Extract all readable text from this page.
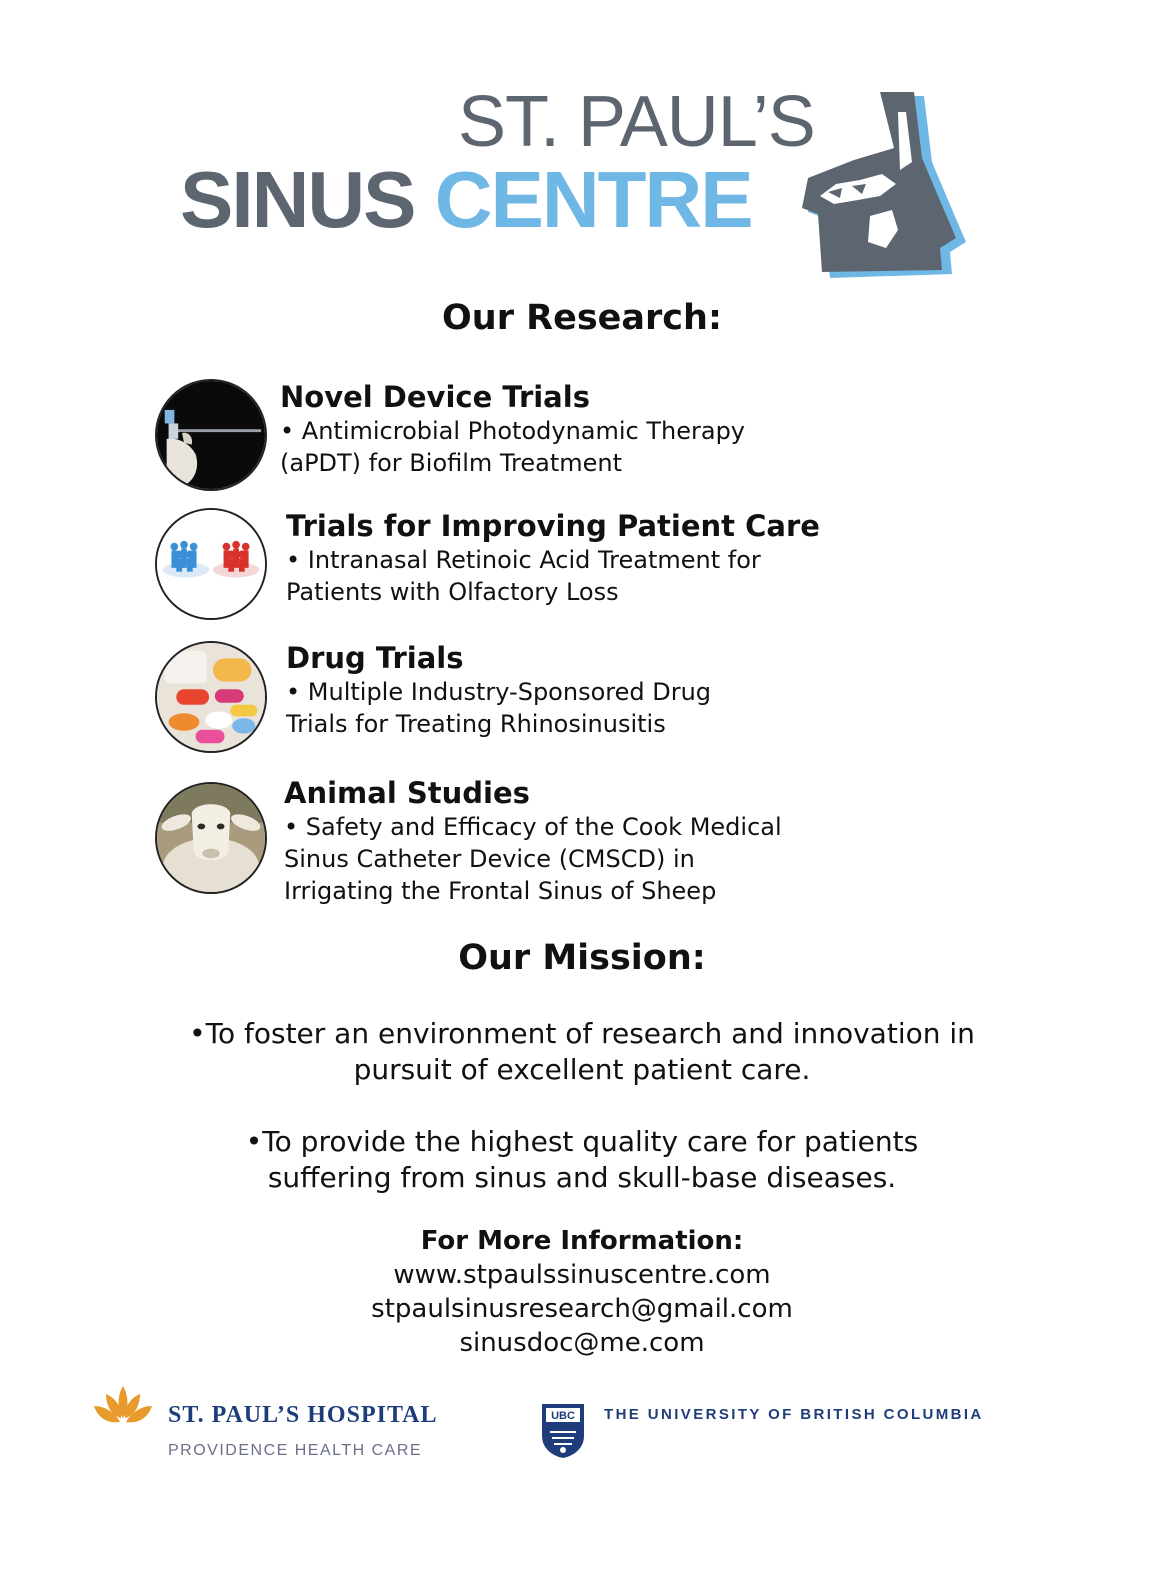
ST. PAUL’S
SINUS CENTRE
Our Research:
Novel Device Trials
• Antimicrobial Photodynamic Therapy
(aPDT) for Biofilm Treatment
Trials for Improving Patient Care
• Intranasal Retinoic Acid Treatment for
Patients with Olfactory Loss
Drug Trials
• Multiple Industry-Sponsored Drug
Trials for Treating Rhinosinusitis
Animal Studies
• Safety and Efficacy of the Cook Medical
Sinus Catheter Device (CMSCD) in
Irrigating the Frontal Sinus of Sheep
Our Mission:
•To foster an environment of research and innovation in
pursuit of excellent patient care.
•To provide the highest quality care for patients
suffering from sinus and skull-base diseases.
For More Information:
www.stpaulssinuscentre.com
stpaulsinusresearch@gmail.com
sinusdoc@me.com
ST. PAUL’S HOSPITAL
PROVIDENCE HEALTH CARE
UBC THE UNIVERSITY OF BRITISH COLUMBIA
